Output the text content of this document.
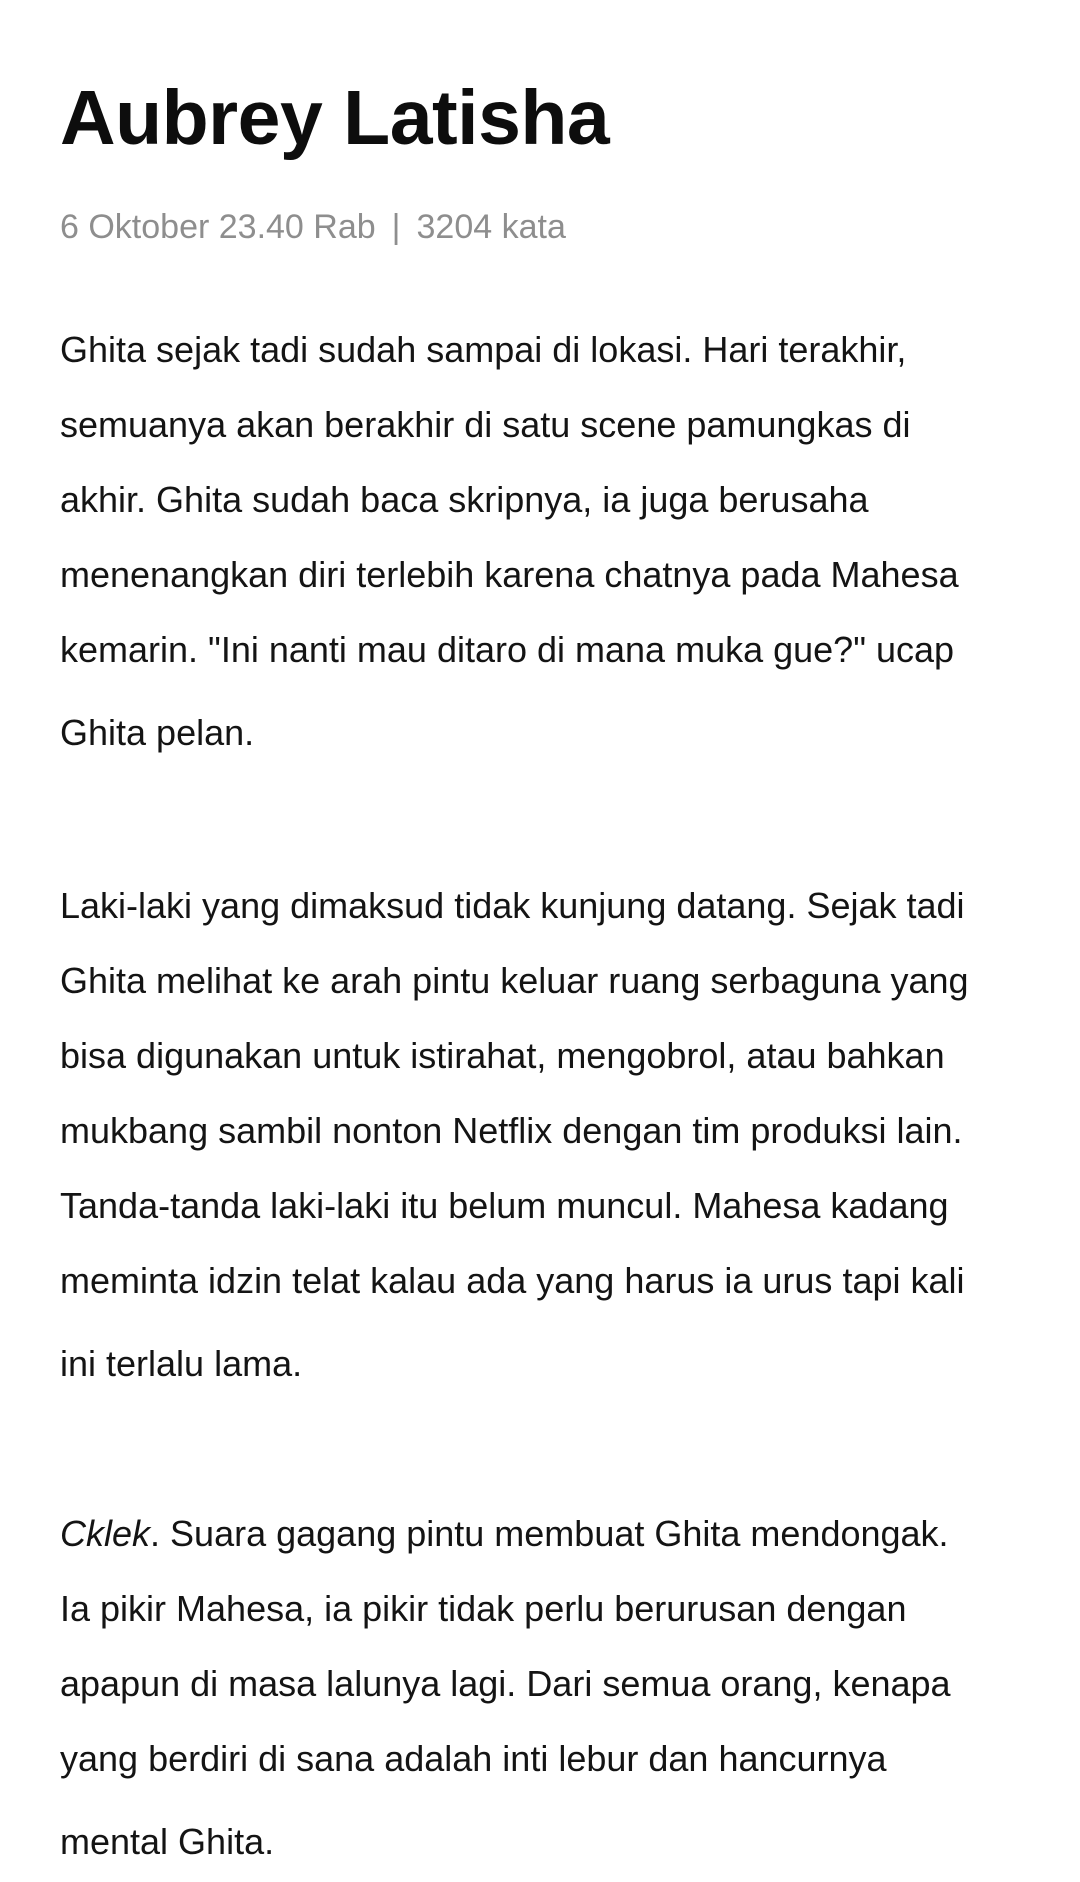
Aubrey Latisha
6 Oktober 23.40 Rab | 3204 kata

Ghita sejak tadi sudah sampai di lokasi. Hari terakhir,
semuanya akan berakhir di satu scene pamungkas di
akhir. Ghita sudah baca skripnya, ia juga berusaha
menenangkan diri terlebih karena chatnya pada Mahesa
kemarin. "Ini nanti mau ditaro di mana muka gue?" ucap
Ghita pelan.

Laki-laki yang dimaksud tidak kunjung datang. Sejak tadi
Ghita melihat ke arah pintu keluar ruang serbaguna yang
bisa digunakan untuk istirahat, mengobrol, atau bahkan
mukbang sambil nonton Netflix dengan tim produksi lain.
Tanda-tanda laki-laki itu belum muncul. Mahesa kadang
meminta idzin telat kalau ada yang harus ia urus tapi kali
ini terlalu lama.

Cklek. Suara gagang pintu membuat Ghita mendongak.
Ia pikir Mahesa, ia pikir tidak perlu berurusan dengan
apapun di masa lalunya lagi. Dari semua orang, kenapa
yang berdiri di sana adalah inti lebur dan hancurnya
mental Ghita.
